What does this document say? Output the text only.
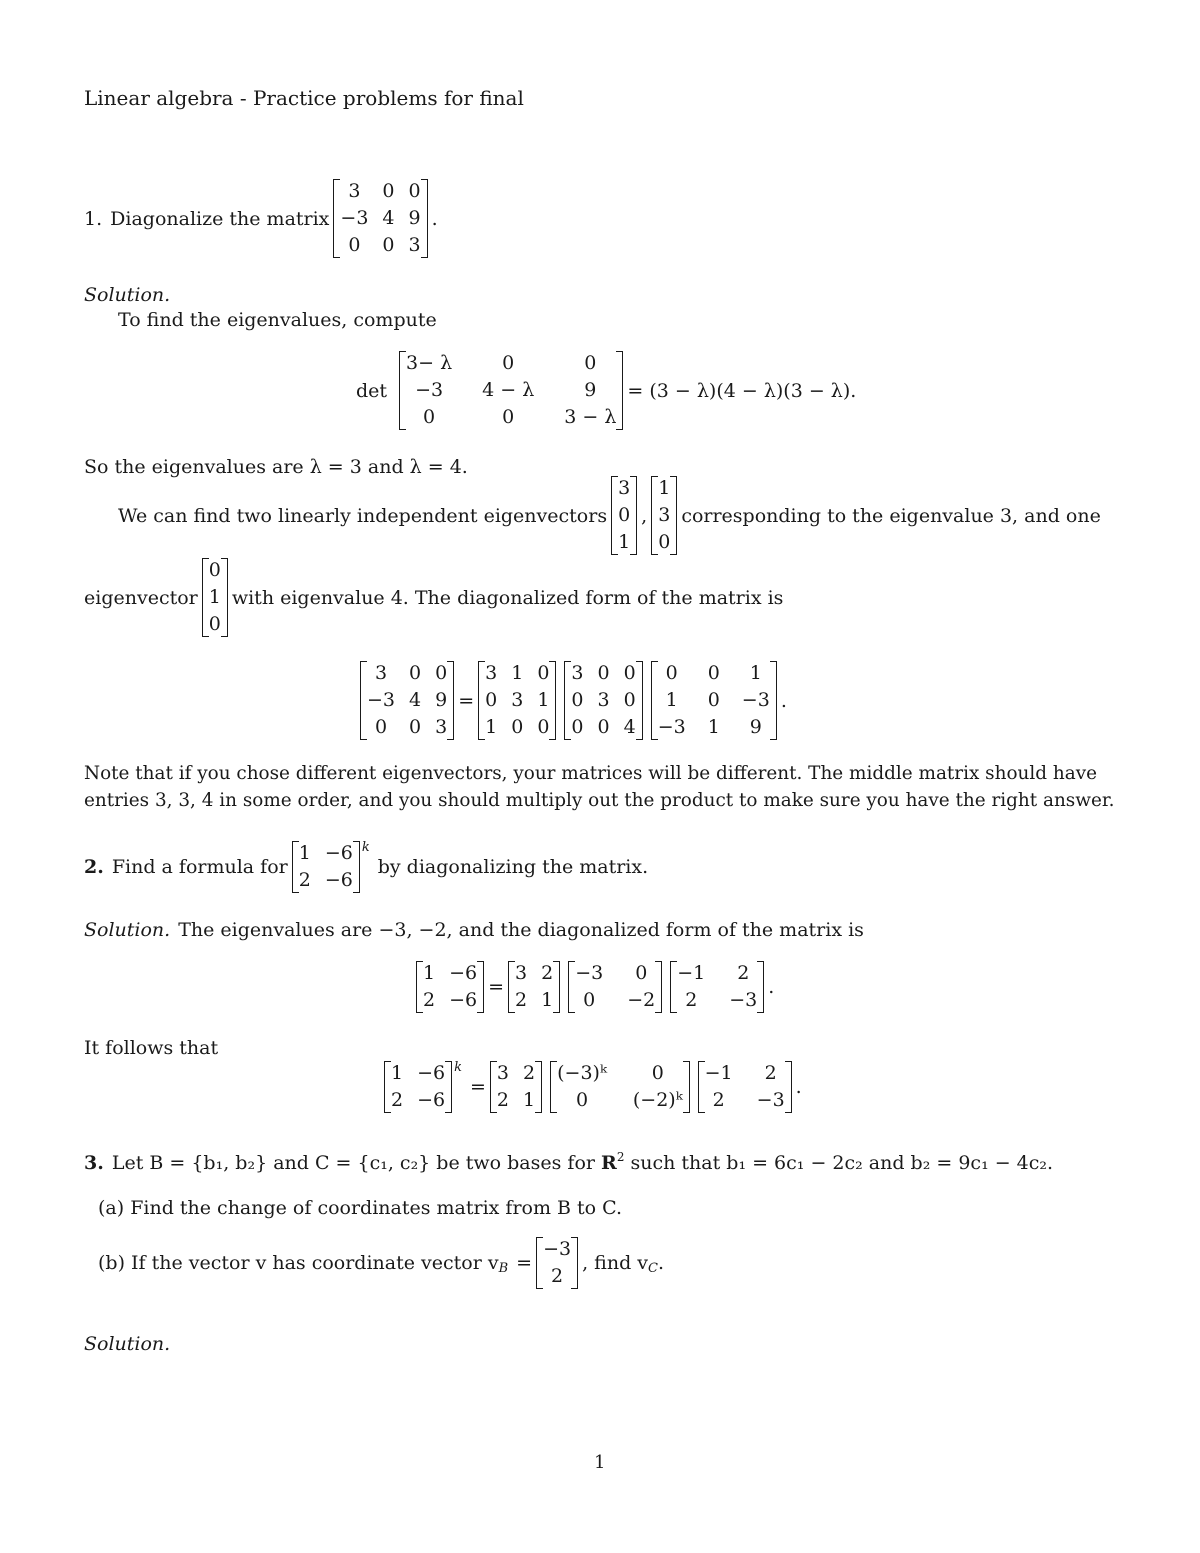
Linear algebra - Practice problems for final
1. Diagonalize the matrix
3	0 0
−3 4 9
0	0 3
.
Solution.
To find the eigenvalues, compute
det
3− λ	0	0
−3	4 − λ	9
0	0	3 − λ
= (3 − λ)(4 − λ)(3 − λ).
So the eigenvalues are λ = 3 and λ = 4.
We can find two linearly independent eigenvectors
3
0
1
,
1
3
0
corresponding to the eigenvalue 3, and one
eigenvector
0
1
0
with eigenvalue 4. The diagonalized form of the matrix is
3	0 0
−3 4 9
0	0 3
=
3 1 0
0 3 1
1 0 0
3 0 0
0 3 0
0 0 4
0	0	1
1	0 −3
−3 1	9
.
Note that if you chose different eigenvectors, your matrices will be different. The middle matrix should have
entries 3, 3, 4 in some order, and you should multiply out the product to make sure you have the right answer.
2. Find a formula for
1 −6
2 −6
k
by diagonalizing the matrix.
Solution. The eigenvalues are −3, −2, and the diagonalized form of the matrix is
1 −6
2 −6
=
3 2
2 1
−3	0
0	−2
−1	2
2	−3
.
It follows that
1 −6
2 −6
k
=
3 2
2 1
(−3)ᵏ	0
0	(−2)ᵏ
−1	2
2	−3
.
3. Let B = {b₁, b₂} and C = {c₁, c₂} be two bases for $R^2$ such that b₁ = 6c₁ − 2c₂ and b₂ = 9c₁ − 4c₂.
(a) Find the change of coordinates matrix from B to C.
(b) If the vector v has coordinate vector v B =
−3
2
, find v C .
Solution.
1
